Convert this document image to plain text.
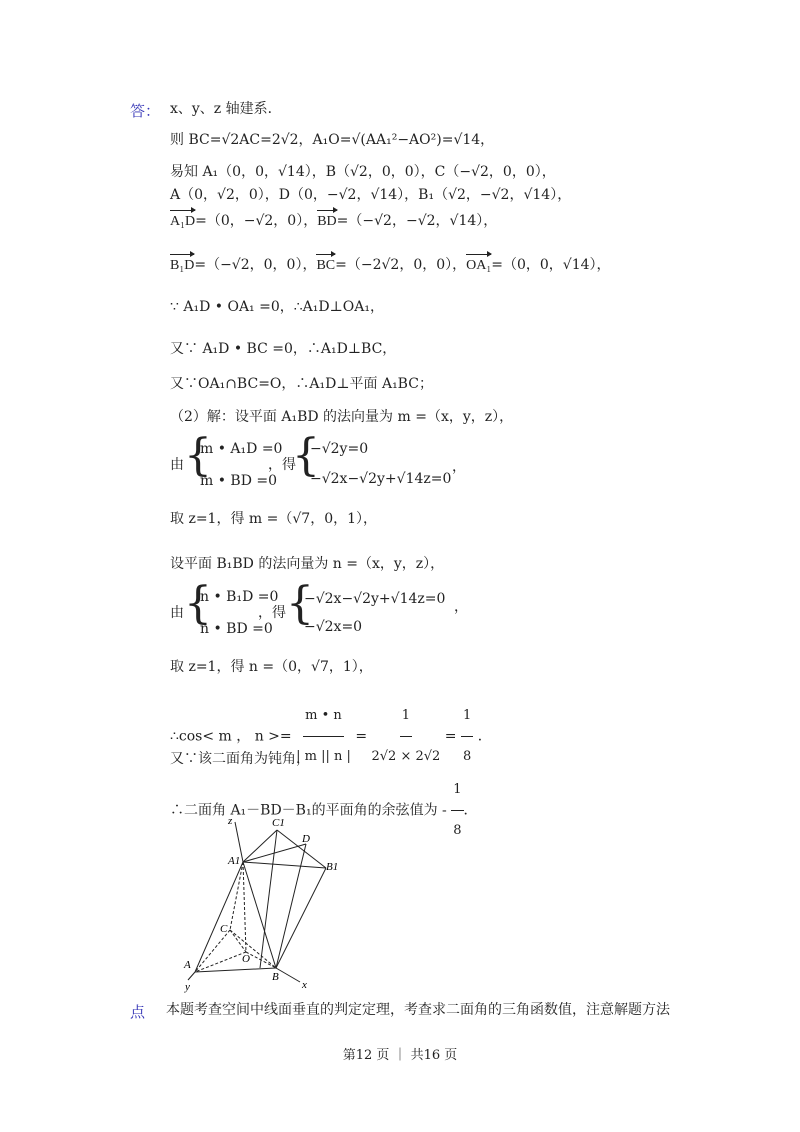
答： x、y、z 轴建系．
则 BC=√2AC=2√2，A₁O=√(AA₁²−AO²)=√14，
易知 A₁（0，0，√14），B（√2，0，0），C（−√2，0，0），
A（0，√2，0），D（0，−√2，√14），B₁（√2，−√2，√14），
A₁D=（0，−√2，0），BD=（−√2，−√2，√14），
B₁D=（−√2，0，0），BC=（−2√2，0，0），OA₁=（0，0，√14），
∵ A₁D • OA₁ =0，∴A₁D⊥OA₁，
又∵ A₁D • BC =0，∴A₁D⊥BC，
又∵OA₁∩BC=O，∴A₁D⊥平面 A₁BC；
（2）解：设平面 A₁BD 的法向量为 m =（x，y，z），
由 {
m • A₁D =0
m • BD =0
，得
{
−√2y=0
−√2x−√2y+√14z=0
，
取 z=1，得 m =（√7，0，1），
设平面 B₁BD 的法向量为 n =（x，y，z），
由 {
n • B₁D =0
n • BD =0
，得 {
−√2x−√2y+√14z=0
−√2x=0
，
取 z=1，得 n =（0，√7，1），
∴cos< m ， $n >= \frac{m • n}{| m || n |} = \frac{1}{2√2 \times 2√2} = \frac{1}{8}$ ．
又∵该二面角为钝角，
∴二面角 A₁－BD－B₁的平面角的余弦值为 - $\frac{1}{8}$ ．
z	C1
D
A1	B1
C
O
A
B
y	x
点 本题考查空间中线面垂直的判定定理，考查求二面角的三角函数值，注意解题方法
第12 页 ｜ 共16 页
